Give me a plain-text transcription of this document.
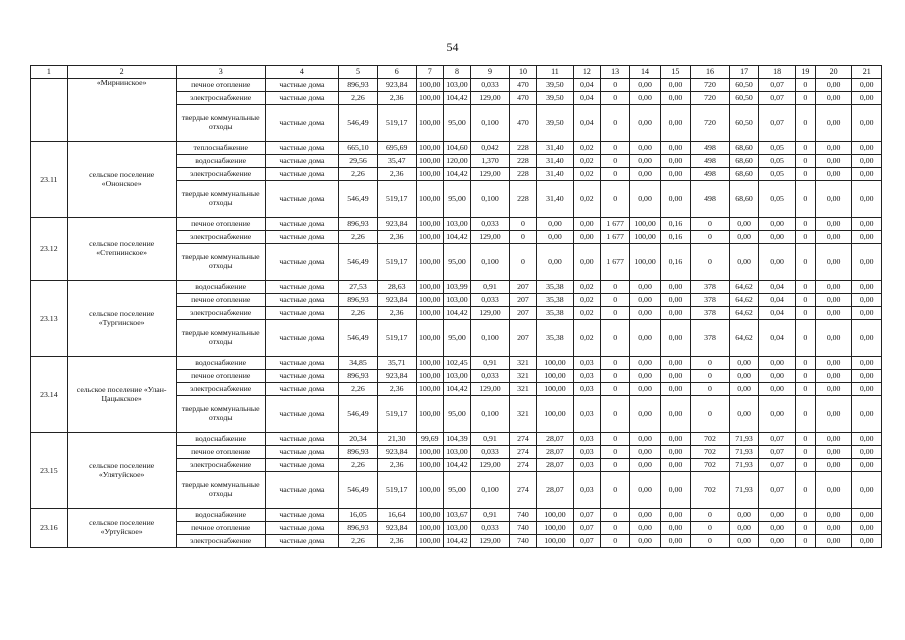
54
1	2	3	4	5	6	7	8	9	10	11	12	13	14	15	16	17	18	19	20	21
	«Мирнинское»	печное отопление	частные дома	896,93	923,84	100,00	103,00	0,033	470	39,50	0,04	0	0,00	0,00	720	60,50	0,07	0	0,00	0,00
		электроснабжение	частные дома	2,26	2,36	100,00	104,42	129,00	470	39,50	0,04	0	0,00	0,00	720	60,50	0,07	0	0,00	0,00
		твердые коммунальные отходы	частные дома	546,49	519,17	100,00	95,00	0,100	470	39,50	0,04	0	0,00	0,00	720	60,50	0,07	0	0,00	0,00
23.11	сельское поселение «Ононское»	теплоснабжение	частные дома	665,10	695,69	100,00	104,60	0,042	228	31,40	0,02	0	0,00	0,00	498	68,60	0,05	0	0,00	0,00
		водоснабжение	частные дома	29,56	35,47	100,00	120,00	1,370	228	31,40	0,02	0	0,00	0,00	498	68,60	0,05	0	0,00	0,00
		электроснабжение	частные дома	2,26	2,36	100,00	104,42	129,00	228	31,40	0,02	0	0,00	0,00	498	68,60	0,05	0	0,00	0,00
		твердые коммунальные отходы	частные дома	546,49	519,17	100,00	95,00	0,100	228	31,40	0,02	0	0,00	0,00	498	68,60	0,05	0	0,00	0,00
23.12	сельское поселение «Степнинское»	печное отопление	частные дома	896,93	923,84	100,00	103,00	0,033	0	0,00	0,00	1 677	100,00	0,16	0	0,00	0,00	0	0,00	0,00
		электроснабжение	частные дома	2,26	2,36	100,00	104,42	129,00	0	0,00	0,00	1 677	100,00	0,16	0	0,00	0,00	0	0,00	0,00
		твердые коммунальные отходы	частные дома	546,49	519,17	100,00	95,00	0,100	0	0,00	0,00	1 677	100,00	0,16	0	0,00	0,00	0	0,00	0,00
23.13	сельское поселение «Тургинское»	водоснабжение	частные дома	27,53	28,63	100,00	103,99	0,91	207	35,38	0,02	0	0,00	0,00	378	64,62	0,04	0	0,00	0,00
		печное отопление	частные дома	896,93	923,84	100,00	103,00	0,033	207	35,38	0,02	0	0,00	0,00	378	64,62	0,04	0	0,00	0,00
		электроснабжение	частные дома	2,26	2,36	100,00	104,42	129,00	207	35,38	0,02	0	0,00	0,00	378	64,62	0,04	0	0,00	0,00
		твердые коммунальные отходы	частные дома	546,49	519,17	100,00	95,00	0,100	207	35,38	0,02	0	0,00	0,00	378	64,62	0,04	0	0,00	0,00
23.14	сельское поселение «Улан-Цацыкское»	водоснабжение	частные дома	34,85	35,71	100,00	102,45	0,91	321	100,00	0,03	0	0,00	0,00	0	0,00	0,00	0	0,00	0,00
		печное отопление	частные дома	896,93	923,84	100,00	103,00	0,033	321	100,00	0,03	0	0,00	0,00	0	0,00	0,00	0	0,00	0,00
		электроснабжение	частные дома	2,26	2,36	100,00	104,42	129,00	321	100,00	0,03	0	0,00	0,00	0	0,00	0,00	0	0,00	0,00
		твердые коммунальные отходы	частные дома	546,49	519,17	100,00	95,00	0,100	321	100,00	0,03	0	0,00	0,00	0	0,00	0,00	0	0,00	0,00
23.15	сельское поселение «Улятуйское»	водоснабжение	частные дома	20,34	21,30	99,69	104,39	0,91	274	28,07	0,03	0	0,00	0,00	702	71,93	0,07	0	0,00	0,00
		печное отопление	частные дома	896,93	923,84	100,00	103,00	0,033	274	28,07	0,03	0	0,00	0,00	702	71,93	0,07	0	0,00	0,00
		электроснабжение	частные дома	2,26	2,36	100,00	104,42	129,00	274	28,07	0,03	0	0,00	0,00	702	71,93	0,07	0	0,00	0,00
		твердые коммунальные отходы	частные дома	546,49	519,17	100,00	95,00	0,100	274	28,07	0,03	0	0,00	0,00	702	71,93	0,07	0	0,00	0,00
23.16	сельское поселение «Уртуйское»	водоснабжение	частные дома	16,05	16,64	100,00	103,67	0,91	740	100,00	0,07	0	0,00	0,00	0	0,00	0,00	0	0,00	0,00
		печное отопление	частные дома	896,93	923,84	100,00	103,00	0,033	740	100,00	0,07	0	0,00	0,00	0	0,00	0,00	0	0,00	0,00
		электроснабжение	частные дома	2,26	2,36	100,00	104,42	129,00	740	100,00	0,07	0	0,00	0,00	0	0,00	0,00	0	0,00	0,00
